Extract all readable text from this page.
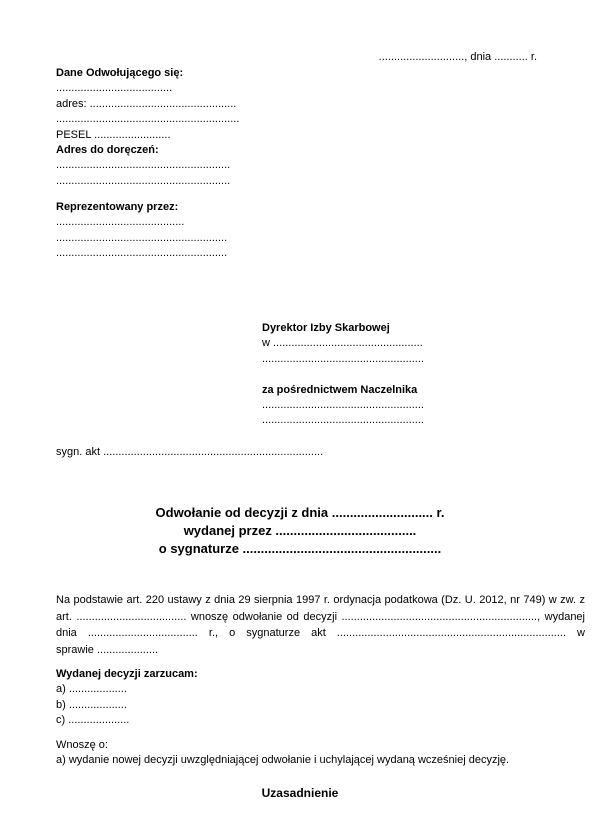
............................, dnia ........... r.
Dane Odwołującego się:
......................................
adres: ................................................
............................................................
PESEL .........................
Adres do doręczeń:
.........................................................
.........................................................
Reprezentowany przez:
..........................................
........................................................
........................................................
Dyrektor Izby Skarbowej
w .................................................
.....................................................
za pośrednictwem Naczelnika
.....................................................
.....................................................
sygn. akt ........................................................................
Odwołanie od decyzji z dnia ............................ r.
wydanej przez .......................................
o sygnaturze .......................................................
Na podstawie art. 220 ustawy z dnia 29 sierpnia 1997 r. ordynacja podatkowa (Dz. U. 2012, nr 749) w zw. z
art. .................................... wnoszę odwołanie od decyzji ................................................................, wydanej
dnia .................................... r., o sygnaturze akt ........................................................................... w
sprawie ....................
Wydanej decyzji zarzucam:
a) ...................
b) ...................
c) ....................
Wnoszę o:
a) wydanie nowej decyzji uwzględniającej odwołanie i uchylającej wydaną wcześniej decyzję.
Uzasadnienie
